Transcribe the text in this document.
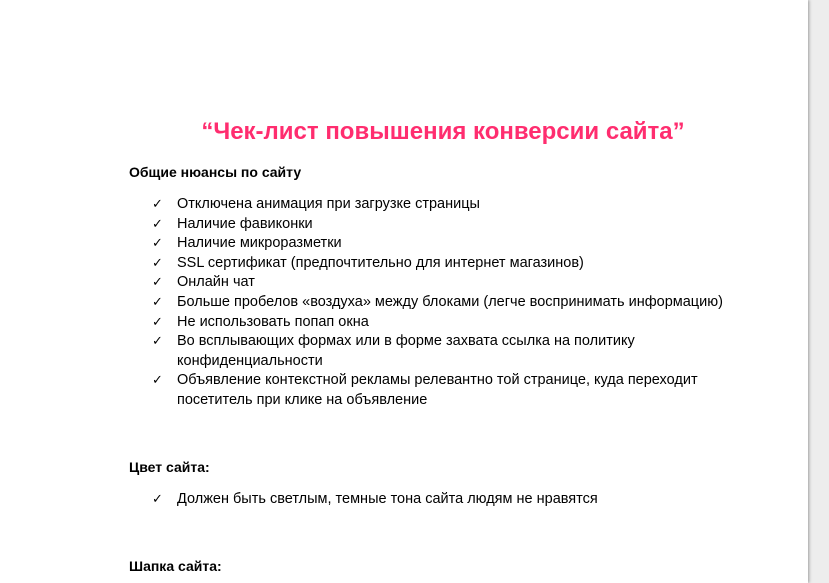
“Чек-лист повышения конверсии сайта”
Общие нюансы по сайту
✓ Отключена анимация при загрузке страницы
✓ Наличие фавиконки
✓ Наличие микроразметки
✓ SSL сертификат (предпочтительно для интернет магазинов)
✓ Онлайн чат
✓ Больше пробелов «воздуха» между блоками (легче воспринимать информацию)
✓ Не использовать попап окна
✓ Во всплывающих формах или в форме захвата ссылка на политику конфиденциальности
✓ Объявление контекстной рекламы релевантно той странице, куда переходит посетитель при клике на объявление
Цвет сайта:
✓ Должен быть светлым, темные тона сайта людям не нравятся
Шапка сайта:
